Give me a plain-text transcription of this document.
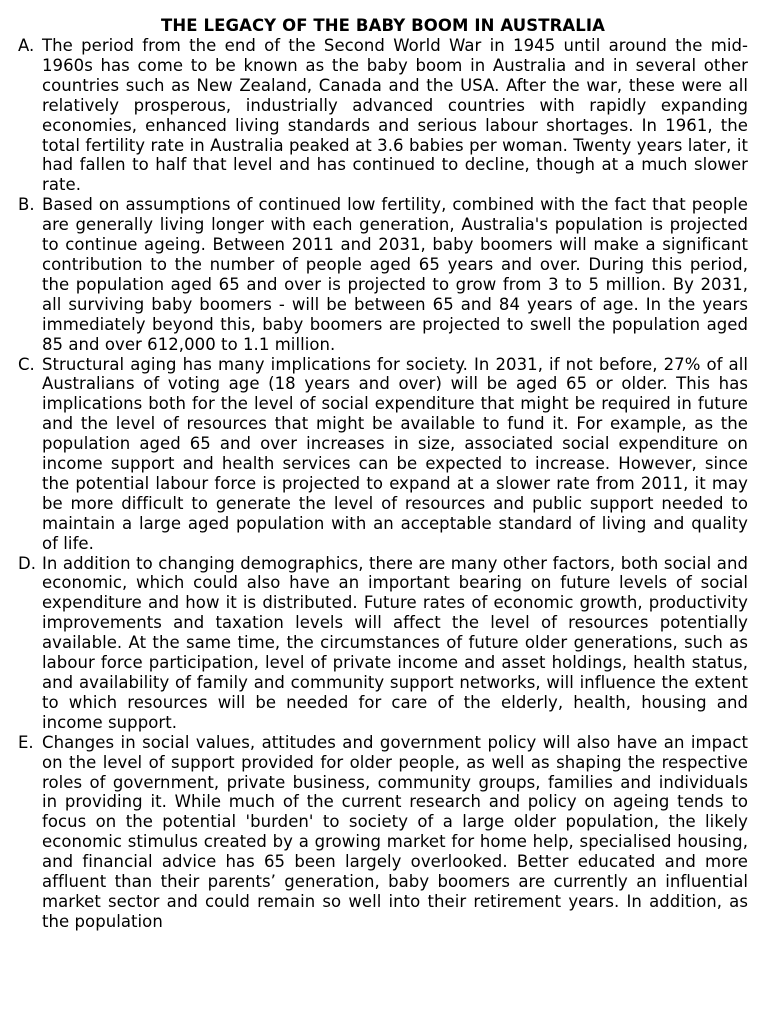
THE LEGACY OF THE BABY BOOM IN AUSTRALIA
A. The period from the end of the Second World War in 1945 until around the mid-1960s has come to be known as the baby boom in Australia and in several other countries such as New Zealand, Canada and the USA. After the war, these were all relatively prosperous, industrially advanced countries with rapidly expanding economies, enhanced living standards and serious labour shortages. In 1961, the total fertility rate in Australia peaked at 3.6 babies per woman. Twenty years later, it had fallen to half that level and has continued to decline, though at a much slower rate.

B. Based on assumptions of continued low fertility, combined with the fact that people are generally living longer with each generation, Australia's population is projected to continue ageing. Between 2011 and 2031, baby boomers will make a significant contribution to the number of people aged 65 years and over. During this period, the population aged 65 and over is projected to grow from 3 to 5 million. By 2031, all surviving baby boomers - will be between 65 and 84 years of age. In the years immediately beyond this, baby boomers are projected to swell the population aged 85 and over 612,000 to 1.1 million.

C. Structural aging has many implications for society. In 2031, if not before, 27% of all Australians of voting age (18 years and over) will be aged 65 or older. This has implications both for the level of social expenditure that might be required in future and the level of resources that might be available to fund it. For example, as the population aged 65 and over increases in size, associated social expenditure on income support and health services can be expected to increase. However, since the potential labour force is projected to expand at a slower rate from 2011, it may be more difficult to generate the level of resources and public support needed to maintain a large aged population with an acceptable standard of living and quality of life.

D. In addition to changing demographics, there are many other factors, both social and economic, which could also have an important bearing on future levels of social expenditure and how it is distributed. Future rates of economic growth, productivity improvements and taxation levels will affect the level of resources potentially available. At the same time, the circumstances of future older generations, such as labour force participation, level of private income and asset holdings, health status, and availability of family and community support networks, will influence the extent to which resources will be needed for care of the elderly, health, housing and income support.

E. Changes in social values, attitudes and government policy will also have an impact on the level of support provided for older people, as well as shaping the respective roles of government, private business, community groups, families and individuals in providing it. While much of the current research and policy on ageing tends to focus on the potential 'burden' to society of a large older population, the likely economic stimulus created by a growing market for home help, specialised housing, and financial advice has 65 been largely overlooked. Better educated and more affluent than their parents’ generation, baby boomers are currently an influential market sector and could remain so well into their retirement years. In addition, as the population
